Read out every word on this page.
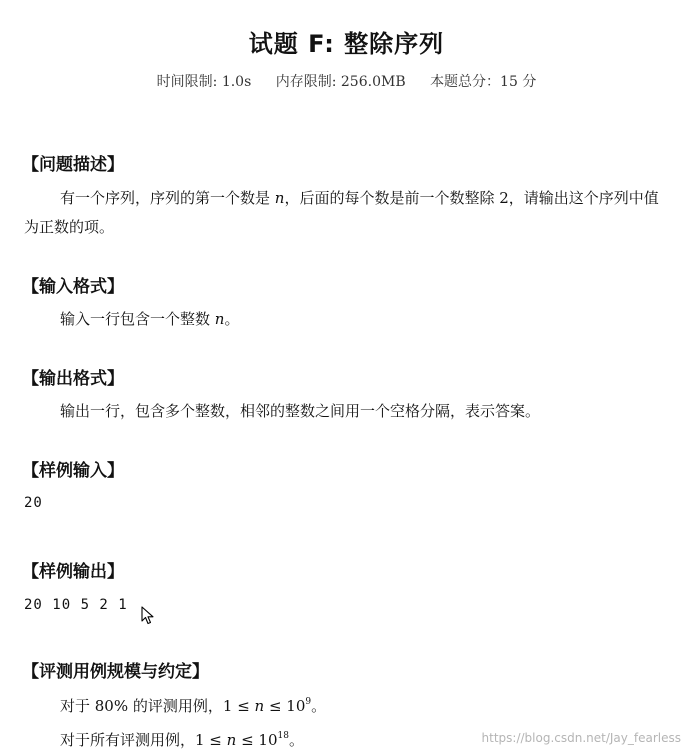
试题 F: 整除序列
时间限制: 1.0s 内存限制: 256.0MB 本题总分：15 分
【问题描述】
有一个序列，序列的第一个数是 n，后面的每个数是前一个数整除 2，请输出这个序列中值为正数的项。
【输入格式】
输入一行包含一个整数 n。
【输出格式】
输出一行，包含多个整数，相邻的整数之间用一个空格分隔，表示答案。
【样例输入】
20
【样例输出】
20 10 5 2 1
【评测用例规模与约定】
对于 80% 的评测用例，$1 \le n \le 10^9$。
对于所有评测用例，$1 \le n \le 10^{18}$。	https://blog.csdn.net/Jay_fearless
